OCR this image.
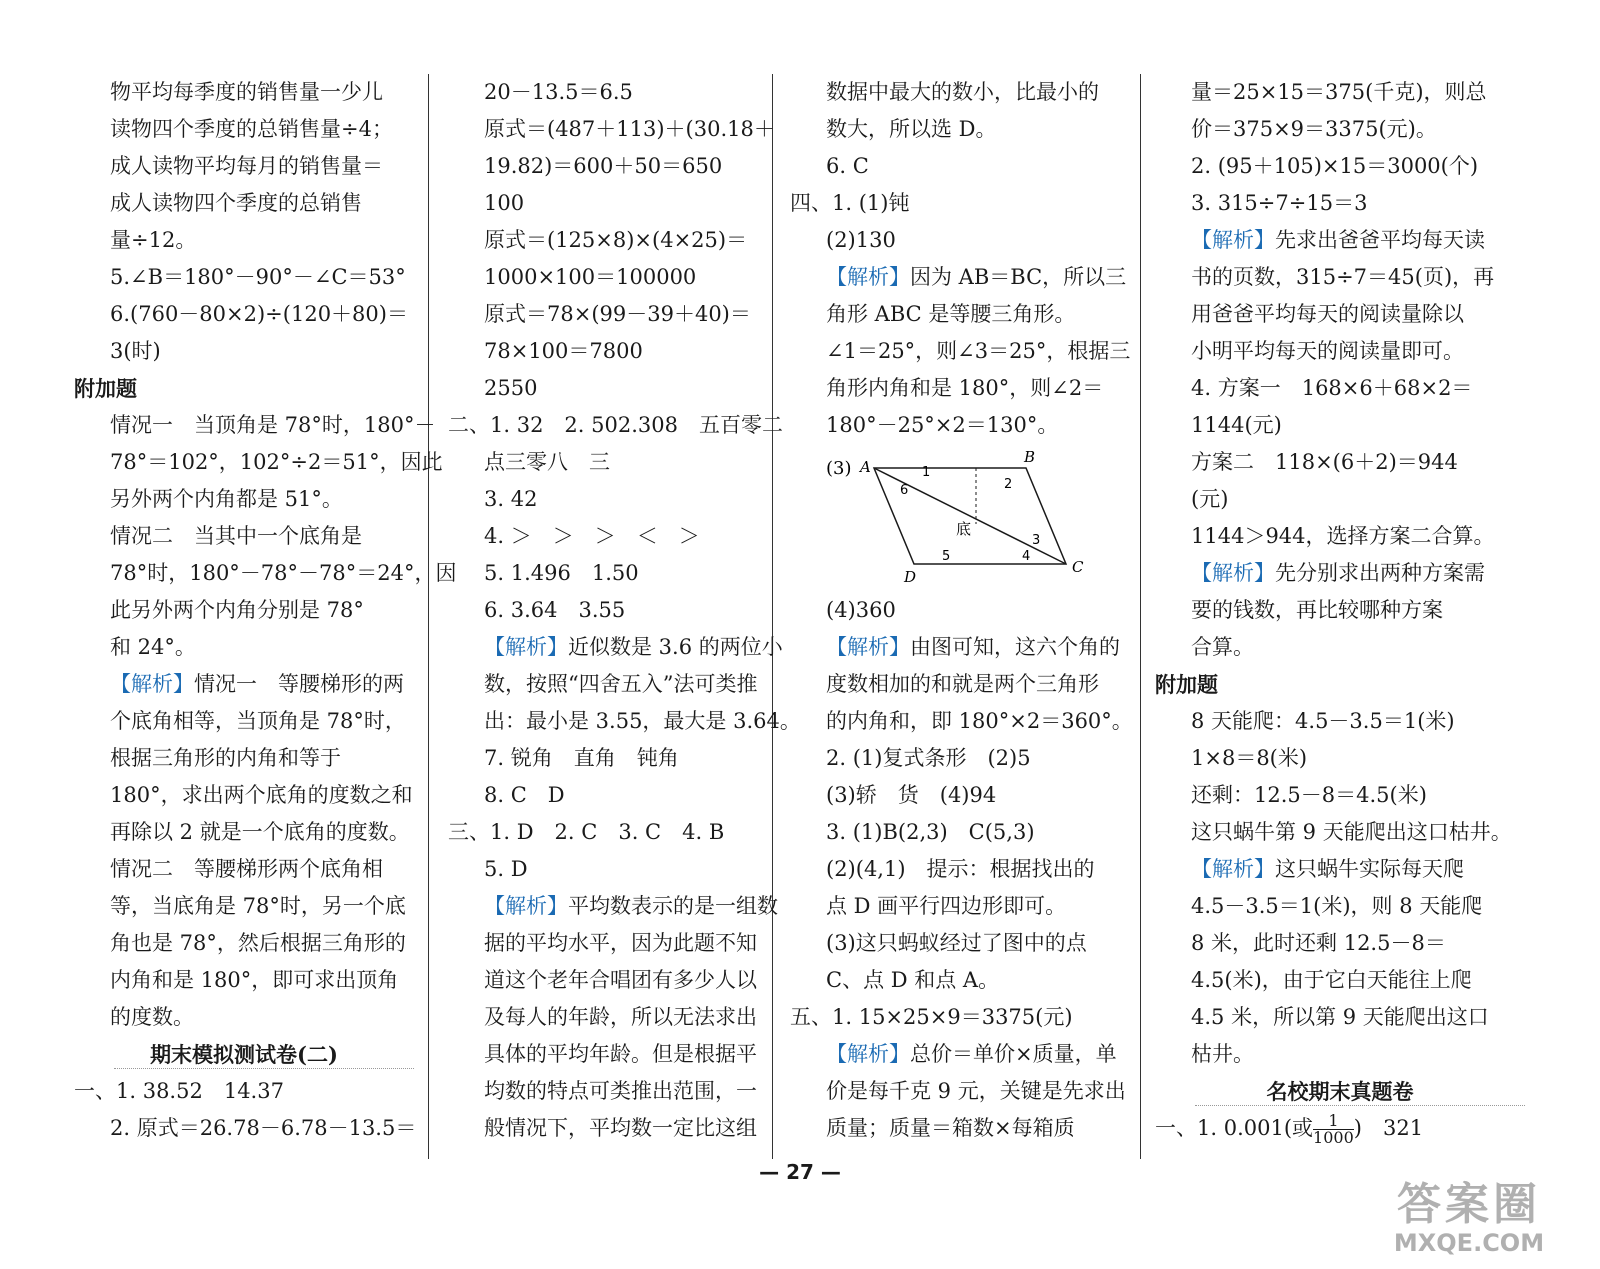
物平均每季度的销售量一少儿
读物四个季度的总销售量÷4；
成人读物平均每月的销售量＝
成人读物四个季度的总销售
量÷12。
5.∠B＝180°－90°－∠C＝53°
6.(760－80×2)÷(120＋80)＝
3(时)
附加题
情况一　当顶角是 78°时，180°－
78°＝102°，102°÷2＝51°，因此
另外两个内角都是 51°。
情况二　当其中一个底角是
78°时，180°－78°－78°＝24°，因
此另外两个内角分别是 78°
和 24°。
【解析】情况一　等腰梯形的两
个底角相等，当顶角是 78°时，
根据三角形的内角和等于
180°，求出两个底角的度数之和
再除以 2 就是一个底角的度数。
情况二　等腰梯形两个底角相
等，当底角是 78°时，另一个底
角也是 78°，然后根据三角形的
内角和是 180°，即可求出顶角
的度数。
期末模拟测试卷(二)
一、1. 38.52　14.37
2. 原式＝26.78－6.78－13.5＝
20－13.5＝6.5
原式＝(487＋113)＋(30.18＋
19.82)＝600＋50＝650
100
原式＝(125×8)×(4×25)＝
1000×100＝100000
原式＝78×(99－39＋40)＝
78×100＝7800
2550
二、1. 32　2. 502.308　五百零二
点三零八　三
3. 42
4. ＞　＞　＞　＜　＞
5. 1.496　1.50
6. 3.64　3.55
【解析】近似数是 3.6 的两位小
数，按照“四舍五入”法可类推
出：最小是 3.55，最大是 3.64。
7. 锐角　直角　钝角
8. C　D
三、1. D　2. C　3. C　4. B
5. D
【解析】平均数表示的是一组数
据的平均水平，因为此题不知
道这个老年合唱团有多少人以
及每人的年龄，所以无法求出
具体的平均年龄。但是根据平
均数的特点可类推出范围，一
般情况下，平均数一定比这组
数据中最大的数小，比最小的
数大，所以选 D。
6. C
四、1. (1)钝
(2)130
【解析】因为 AB＝BC，所以三
角形 ABC 是等腰三角形。
∠1＝25°，则∠3＝25°，根据三
角形内角和是 180°，则∠2＝
180°－25°×2＝130°。
(3) A
B
C
D
1
2
3
4
5
6
底
(4)360
【解析】由图可知，这六个角的
度数相加的和就是两个三角形
的内角和，即 180°×2＝360°。
2. (1)复式条形　(2)5
(3)轿　货　(4)94
3. (1)B(2,3)　C(5,3)
(2)(4,1)　提示：根据找出的
点 D 画平行四边形即可。
(3)这只蚂蚁经过了图中的点
C、点 D 和点 A。
五、1. 15×25×9＝3375(元)
【解析】总价＝单价×质量，单
价是每千克 9 元，关键是先求出
质量；质量＝箱数×每箱质
量＝25×15＝375(千克)，则总
价＝375×9＝3375(元)。
2. (95＋105)×15＝3000(个)
3. 315÷7÷15＝3
【解析】先求出爸爸平均每天读
书的页数，315÷7＝45(页)，再
用爸爸平均每天的阅读量除以
小明平均每天的阅读量即可。
4. 方案一　168×6＋68×2＝
1144(元)
方案二　118×(6＋2)＝944
(元)
1144＞944，选择方案二合算。
【解析】先分别求出两种方案需
要的钱数，再比较哪种方案
合算。
附加题
8 天能爬：4.5－3.5＝1(米)
1×8＝8(米)
还剩：12.5－8＝4.5(米)
这只蜗牛第 9 天能爬出这口枯井。
【解析】这只蜗牛实际每天爬
4.5－3.5＝1(米)，则 8 天能爬
8 米，此时还剩 12.5－8＝
4.5(米)，由于它白天能往上爬
4.5 米，所以第 9 天能爬出这口
枯井。
名校期末真题卷
一、1. 0.001(或 $\frac{1}{1000}$ )　321
— 27 —
答案圈
MXQE.COM
